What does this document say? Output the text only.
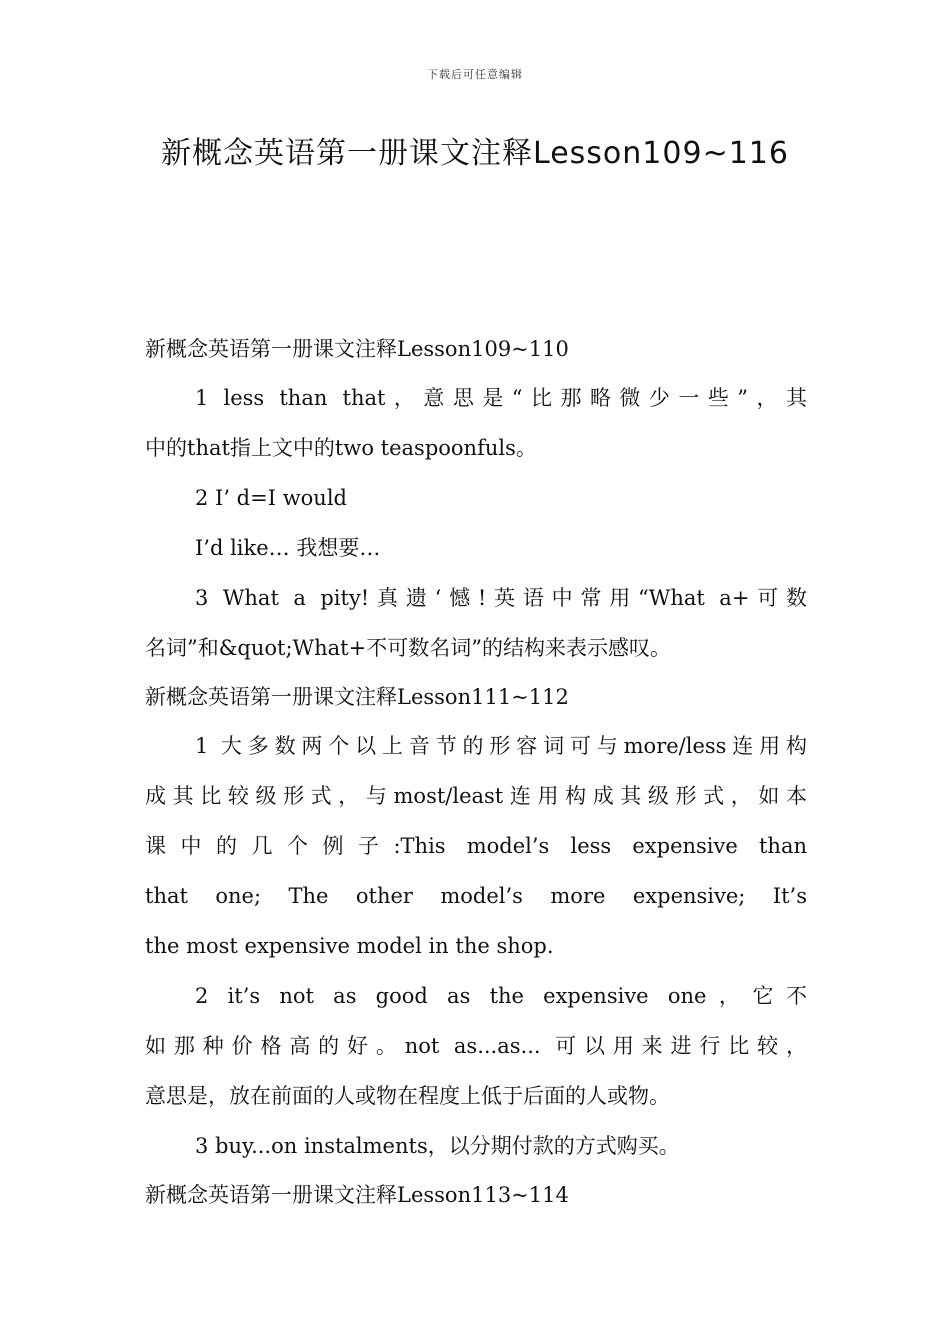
下载后可任意编辑
新概念英语第一册课文注释Lesson109~116
新概念英语第一册课文注释Lesson109~110
1 less than that，意思是“比那略微少一些”，其
中的that指上文中的two teaspoonfuls。
2 I’ d=I would
I’d like… 我想要…
3 What a pity!真遗‘憾!英语中常用“What a+可数
名词”和&quot;What+不可数名词”的结构来表示感叹。
新概念英语第一册课文注释Lesson111~112
1 大多数两个以上音节的形容词可与more/less连用构
成其比较级形式，与most/least连用构成其级形式，如本
课中的几个例子:This model’s less expensive than
that one; The other model’s more expensive; It’s
the most expensive model in the shop.
2 it’s not as good as the expensive one，它不
如那种价格高的好。not as...as... 可以用来进行比较，
意思是，放在前面的人或物在程度上低于后面的人或物。
3 buy...on instalments，以分期付款的方式购买。
新概念英语第一册课文注释Lesson113~114
